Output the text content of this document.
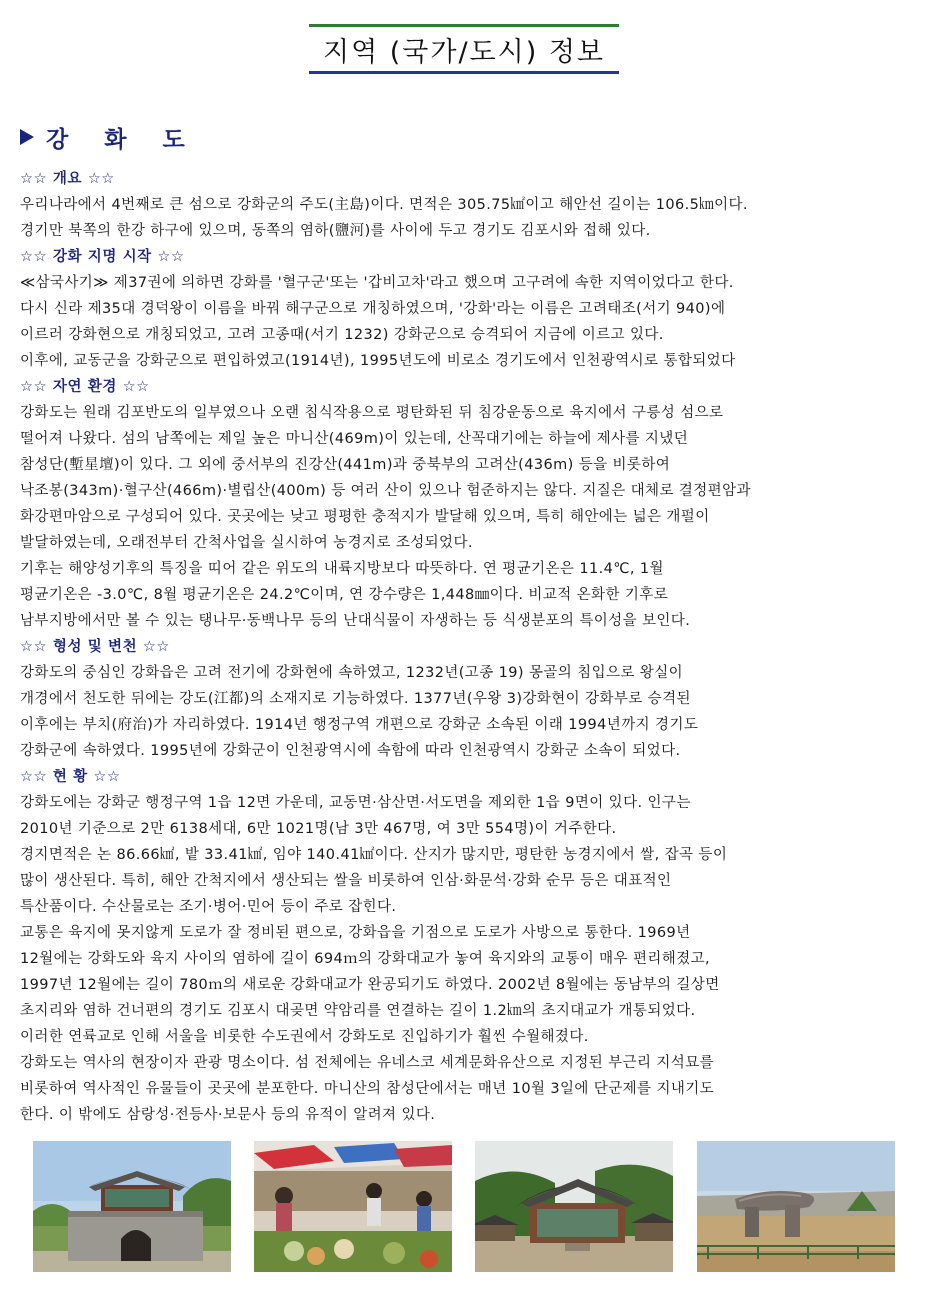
지역 (국가/도시) 정보
강 화 도
☆☆ 개요 ☆☆
우리나라에서 4번째로 큰 섬으로 강화군의 주도(主島)이다. 면적은 305.75㎢이고 해안선 길이는 106.5㎞이다.
경기만 북쪽의 한강 하구에 있으며, 동쪽의 염하(鹽河)를 사이에 두고 경기도 김포시와 접해 있다.
☆☆ 강화 지명 시작 ☆☆
≪삼국사기≫ 제37권에 의하면 강화를 '혈구군'또는 '갑비고차'라고 했으며 고구려에 속한 지역이었다고 한다.
다시 신라 제35대 경덕왕이 이름을 바꿔 해구군으로 개칭하였으며, '강화'라는 이름은 고려태조(서기 940)에
이르러 강화현으로 개칭되었고, 고려 고종때(서기 1232) 강화군으로 승격되어 지금에 이르고 있다.
이후에, 교동군을 강화군으로 편입하였고(1914년), 1995년도에 비로소 경기도에서 인천광역시로 통합되었다
☆☆ 자연 환경 ☆☆
강화도는 원래 김포반도의 일부였으나 오랜 침식작용으로 평탄화된 뒤 침강운동으로 육지에서 구릉성 섬으로
떨어져 나왔다. 섬의 남쪽에는 제일 높은 마니산(469m)이 있는데, 산꼭대기에는 하늘에 제사를 지냈던
참성단(塹星壇)이 있다. 그 외에 중서부의 진강산(441m)과 중북부의 고려산(436m) 등을 비롯하여
낙조봉(343m)·혈구산(466m)·별립산(400m) 등 여러 산이 있으나 험준하지는 않다. 지질은 대체로 결정편암과
화강편마암으로 구성되어 있다. 곳곳에는 낮고 평평한 충적지가 발달해 있으며, 특히 해안에는 넓은 개펄이
발달하였는데, 오래전부터 간척사업을 실시하여 농경지로 조성되었다.
기후는 해양성기후의 특징을 띠어 같은 위도의 내륙지방보다 따뜻하다. 연 평균기온은 11.4℃, 1월
평균기온은 -3.0℃, 8월 평균기온은 24.2℃이며, 연 강수량은 1,448㎜이다. 비교적 온화한 기후로
남부지방에서만 볼 수 있는 탱나무·동백나무 등의 난대식물이 자생하는 등 식생분포의 특이성을 보인다.
☆☆ 형성 및 변천 ☆☆
강화도의 중심인 강화읍은 고려 전기에 강화현에 속하였고, 1232년(고종 19) 몽골의 침입으로 왕실이
개경에서 천도한 뒤에는 강도(江都)의 소재지로 기능하였다. 1377년(우왕 3)강화현이 강화부로 승격된
이후에는 부치(府治)가 자리하였다. 1914년 행정구역 개편으로 강화군 소속된 이래 1994년까지 경기도
강화군에 속하였다. 1995년에 강화군이 인천광역시에 속함에 따라 인천광역시 강화군 소속이 되었다.
☆☆ 현 황 ☆☆
강화도에는 강화군 행정구역 1읍 12면 가운데, 교동면·삼산면·서도면을 제외한 1읍 9면이 있다. 인구는
2010년 기준으로 2만 6138세대, 6만 1021명(남 3만 467명, 여 3만 554명)이 거주한다.
경지면적은 논 86.66㎢, 밭 33.41㎢, 임야 140.41㎢이다. 산지가 많지만, 평탄한 농경지에서 쌀, 잡곡 등이
많이 생산된다. 특히, 해안 간척지에서 생산되는 쌀을 비롯하여 인삼·화문석·강화 순무 등은 대표적인
특산품이다. 수산물로는 조기·병어·민어 등이 주로 잡힌다.
교통은 육지에 못지않게 도로가 잘 정비된 편으로, 강화읍을 기점으로 도로가 사방으로 통한다. 1969년
12월에는 강화도와 육지 사이의 염하에 길이 694ｍ의 강화대교가 놓여 육지와의 교통이 매우 편리해졌고,
1997년 12월에는 길이 780ｍ의 새로운 강화대교가 완공되기도 하였다. 2002년 8월에는 동남부의 길상면
초지리와 염하 건너편의 경기도 김포시 대곶면 약암리를 연결하는 길이 1.2㎞의 초지대교가 개통되었다.
이러한 연륙교로 인해 서울을 비롯한 수도권에서 강화도로 진입하기가 훨씬 수월해졌다.
강화도는 역사의 현장이자 관광 명소이다. 섬 전체에는 유네스코 세계문화유산으로 지정된 부근리 지석묘를
비롯하여 역사적인 유물들이 곳곳에 분포한다. 마니산의 참성단에서는 매년 10월 3일에 단군제를 지내기도
한다. 이 밖에도 삼랑성·전등사·보문사 등의 유적이 알려져 있다.
